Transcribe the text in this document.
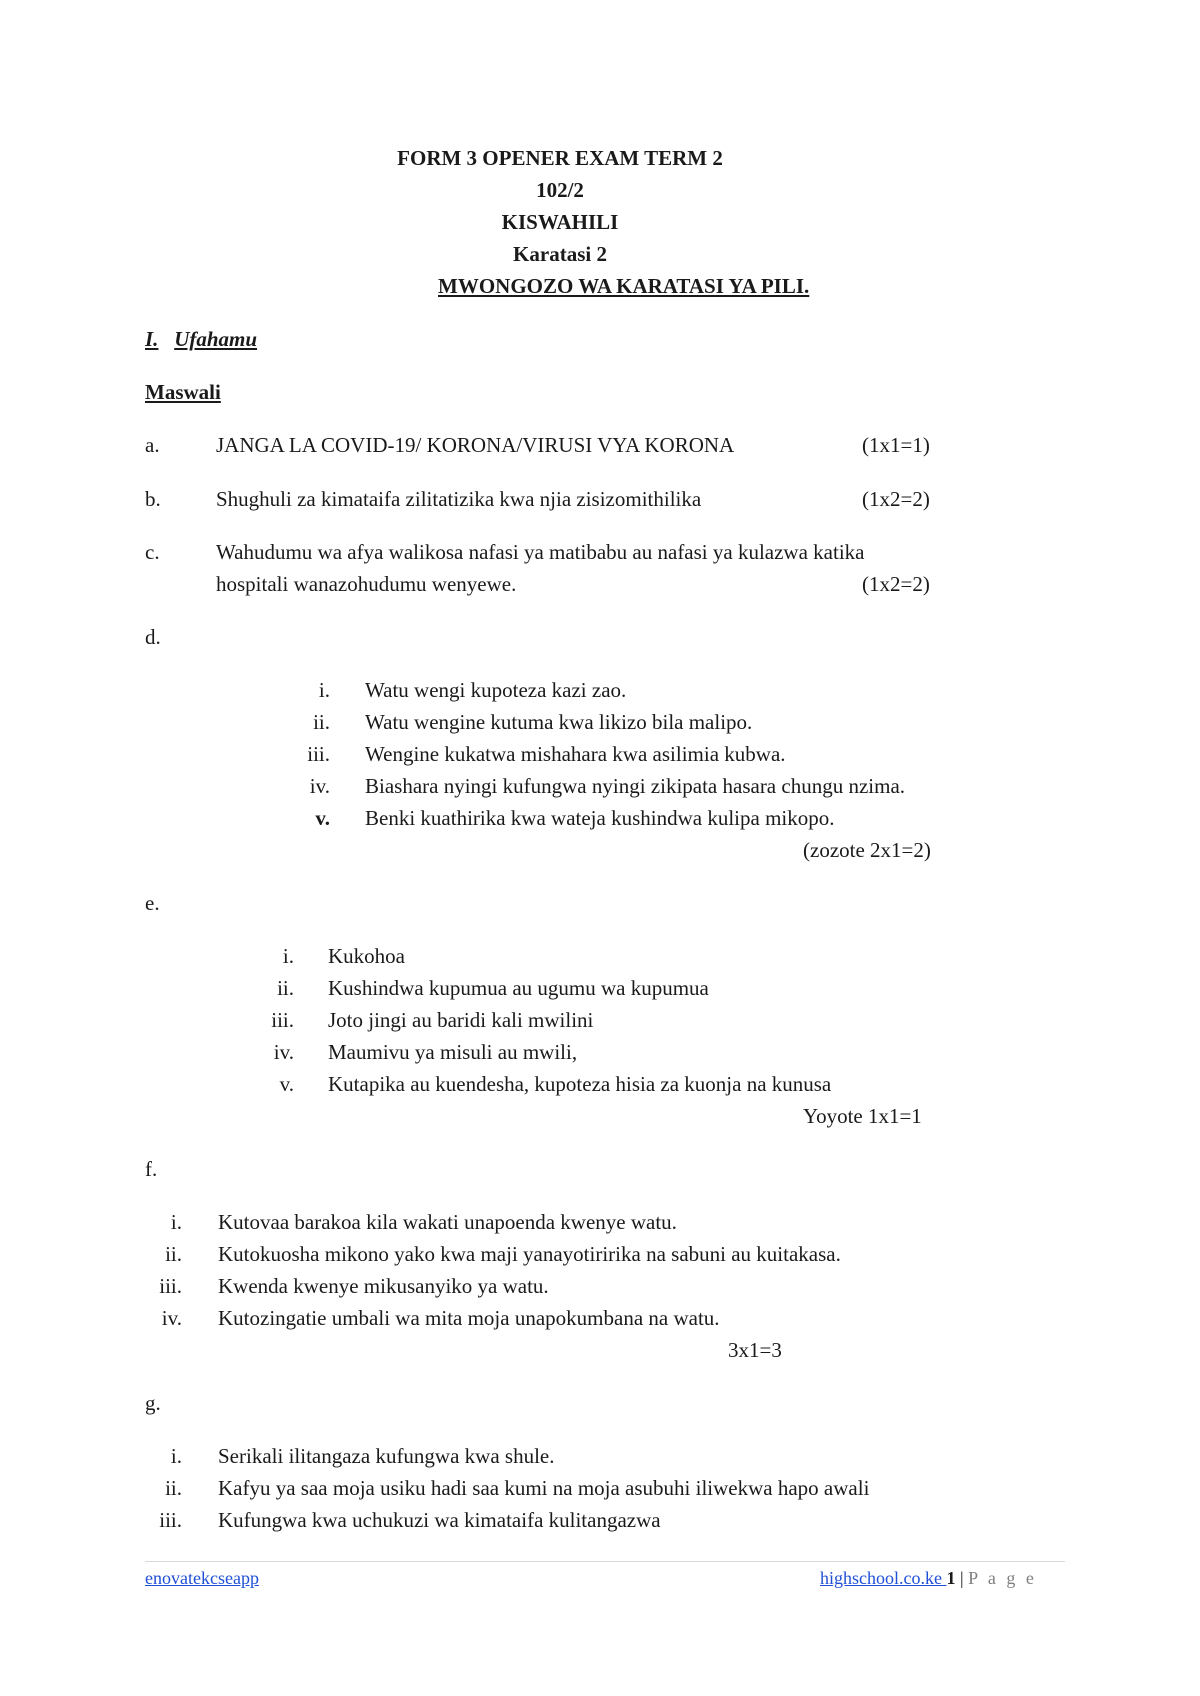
FORM 3 OPENER EXAM TERM 2
102/2
KISWAHILI
Karatasi 2
MWONGOZO WA KARATASI YA PILI.
I. Ufahamu
Maswali
a.	JANGA LA COVID-19/ KORONA/VIRUSI VYA KORONA	(1x1=1)
b.	Shughuli za kimataifa zilitatizika kwa njia zisizomithilika	(1x2=2)
c.	Wahudumu wa afya walikosa nafasi ya matibabu au nafasi ya kulazwa katika
hospitali wanazohudumu wenyewe.	(1x2=2)
d.
i. Watu wengi kupoteza kazi zao.
ii. Watu wengine kutuma kwa likizo bila malipo.
iii. Wengine kukatwa mishahara kwa asilimia kubwa.
iv. Biashara nyingi kufungwa nyingi zikipata hasara chungu nzima.
v. Benki kuathirika kwa wateja kushindwa kulipa mikopo.
(zozote 2x1=2)
e.
i. Kukohoa
ii. Kushindwa kupumua au ugumu wa kupumua
iii. Joto jingi au baridi kali mwilini
iv. Maumivu ya misuli au mwili,
v. Kutapika au kuendesha, kupoteza hisia za kuonja na kunusa
Yoyote 1x1=1
f.
i. Kutovaa barakoa kila wakati unapoenda kwenye watu.
ii. Kutokuosha mikono yako kwa maji yanayotiririka na sabuni au kuitakasa.
iii. Kwenda kwenye mikusanyiko ya watu.
iv. Kutozingatie umbali wa mita moja unapokumbana na watu.
3x1=3
g.
i. Serikali ilitangaza kufungwa kwa shule.
ii. Kafyu ya saa moja usiku hadi saa kumi na moja asubuhi iliwekwa hapo awali
iii. Kufungwa kwa uchukuzi wa kimataifa kulitangazwa
enovatekcseapp	highschool.co.ke 1 | P a g e
